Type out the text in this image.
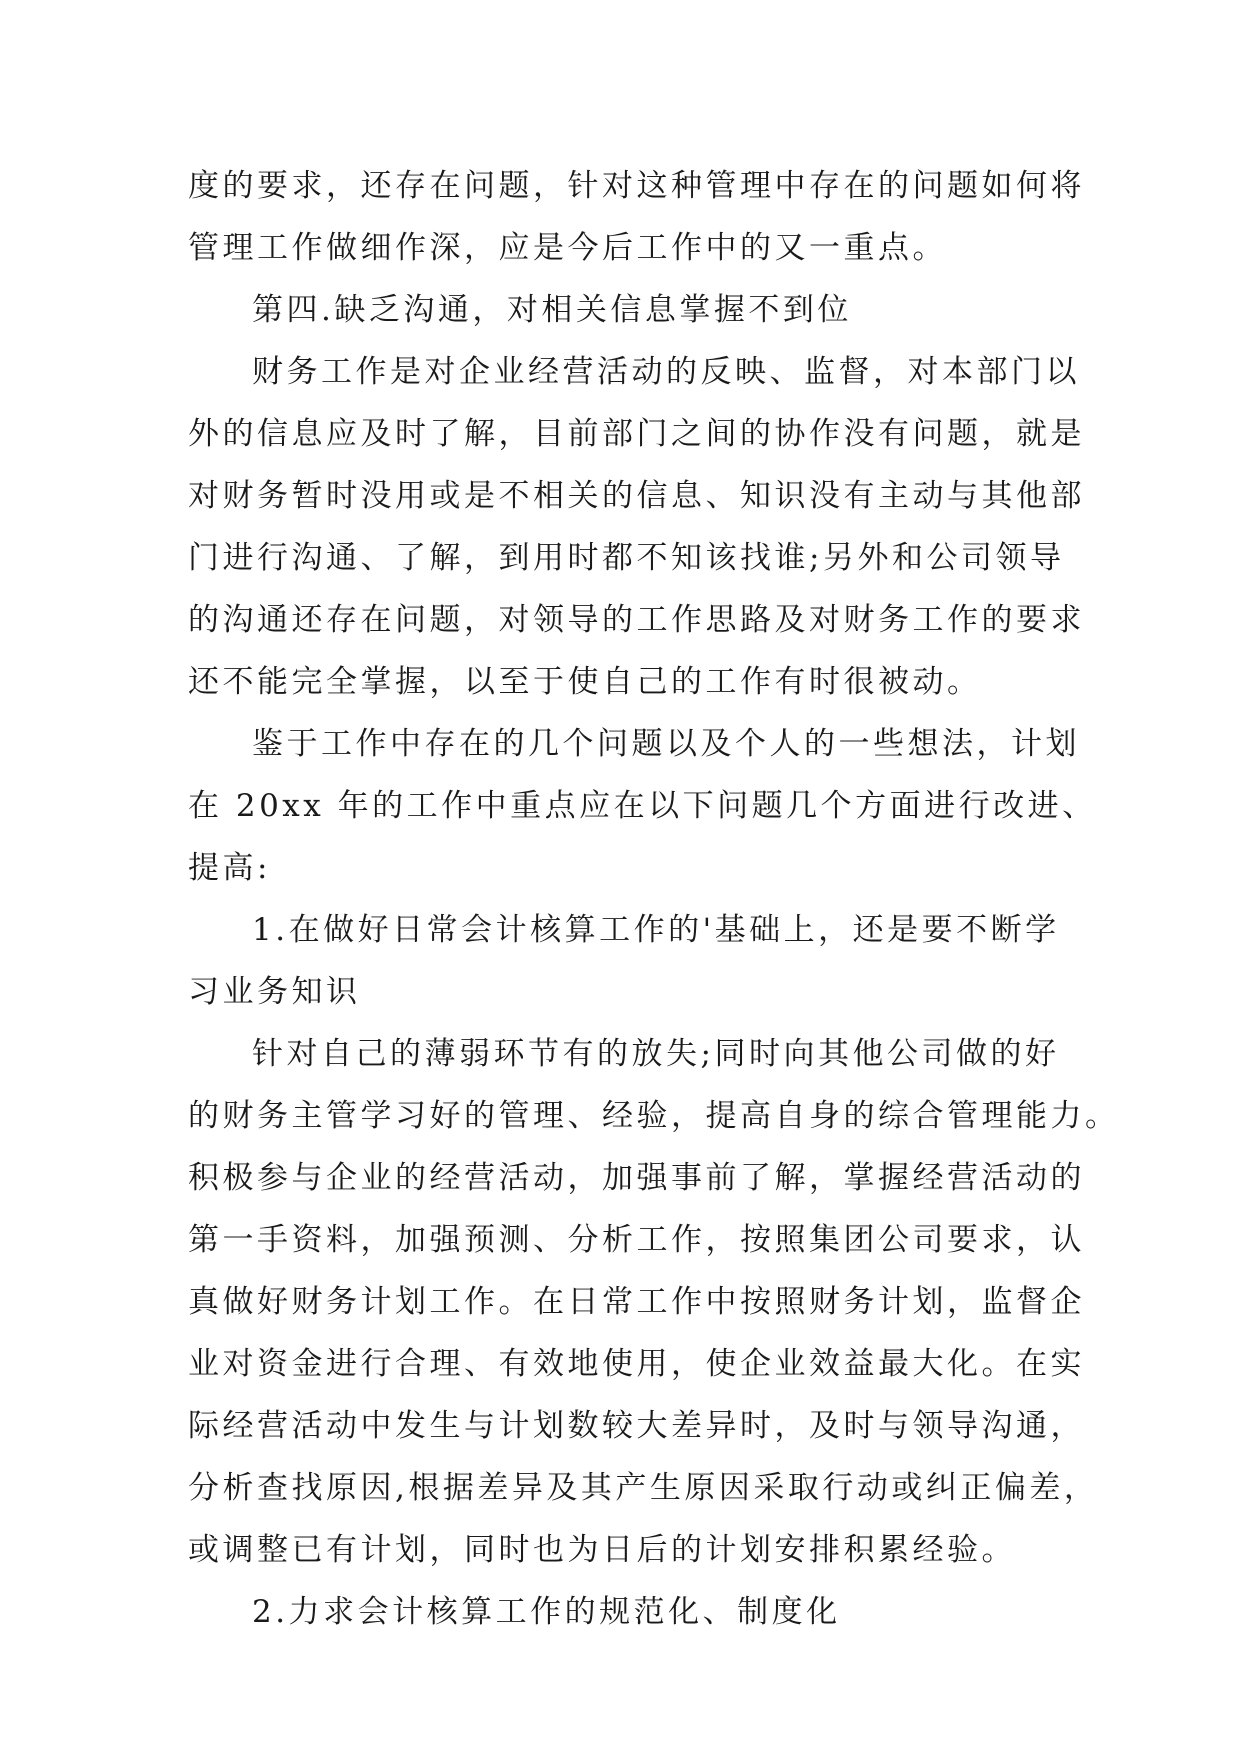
度的要求，还存在问题，针对这种管理中存在的问题如何将
管理工作做细作深，应是今后工作中的又一重点。
第四.缺乏沟通，对相关信息掌握不到位
财务工作是对企业经营活动的反映、监督，对本部门以
外的信息应及时了解，目前部门之间的协作没有问题，就是
对财务暂时没用或是不相关的信息、知识没有主动与其他部
门进行沟通、了解，到用时都不知该找谁;另外和公司领导
的沟通还存在问题，对领导的工作思路及对财务工作的要求
还不能完全掌握，以至于使自己的工作有时很被动。
鉴于工作中存在的几个问题以及个人的一些想法，计划
在 20xx 年的工作中重点应在以下问题几个方面进行改进、
提高:
1.在做好日常会计核算工作的'基础上，还是要不断学
习业务知识
针对自己的薄弱环节有的放失;同时向其他公司做的好
的财务主管学习好的管理、经验，提高自身的综合管理能力。
积极参与企业的经营活动，加强事前了解，掌握经营活动的
第一手资料，加强预测、分析工作，按照集团公司要求，认
真做好财务计划工作。在日常工作中按照财务计划，监督企
业对资金进行合理、有效地使用，使企业效益最大化。在实
际经营活动中发生与计划数较大差异时，及时与领导沟通，
分析查找原因,根据差异及其产生原因采取行动或纠正偏差，
或调整已有计划，同时也为日后的计划安排积累经验。
2.力求会计核算工作的规范化、制度化
